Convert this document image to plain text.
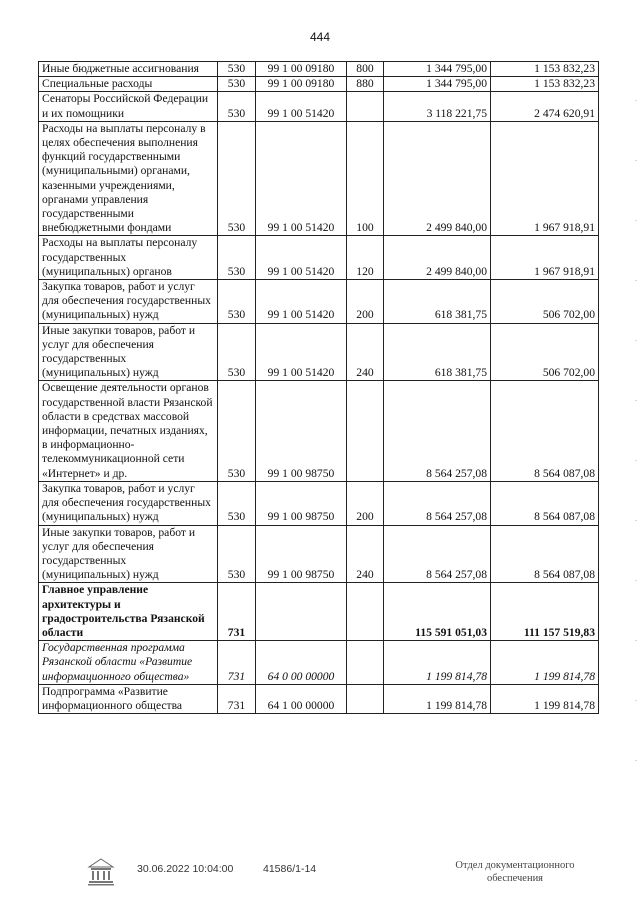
444
Иные бюджетные ассигнования	530	99 1 00 09180	800	1 344 795,00	1 153 832,23
Специальные расходы	530	99 1 00 09180	880	1 344 795,00	1 153 832,23
Сенаторы Российской Федерации и их помощники	530	99 1 00 51420		3 118 221,75	2 474 620,91
Расходы на выплаты персоналу в целях обеспечения выполнения функций государственными (муниципальными) органами, казенными учреждениями, органами управления государственными внебюджетными фондами	530	99 1 00 51420	100	2 499 840,00	1 967 918,91
Расходы на выплаты персоналу государственных (муниципальных) органов	530	99 1 00 51420	120	2 499 840,00	1 967 918,91
Закупка товаров, работ и услуг для обеспечения государственных (муниципальных) нужд	530	99 1 00 51420	200	618 381,75	506 702,00
Иные закупки товаров, работ и услуг для обеспечения государственных (муниципальных) нужд	530	99 1 00 51420	240	618 381,75	506 702,00
Освещение деятельности органов государственной власти Рязанской области в средствах массовой информации, печатных изданиях, в информационно-телекоммуникационной сети «Интернет» и др.	530	99 1 00 98750		8 564 257,08	8 564 087,08
Закупка товаров, работ и услуг для обеспечения государственных (муниципальных) нужд	530	99 1 00 98750	200	8 564 257,08	8 564 087,08
Иные закупки товаров, работ и услуг для обеспечения государственных (муниципальных) нужд	530	99 1 00 98750	240	8 564 257,08	8 564 087,08
Главное управление архитектуры и градостроительства Рязанской области	731			115 591 051,03	111 157 519,83
Государственная программа Рязанской области «Развитие информационного общества»	731	64 0 00 00000		1 199 814,78	1 199 814,78
Подпрограмма «Развитие информационного общества	731	64 1 00 00000		1 199 814,78	1 199 814,78
30.06.2022 10:04:00	41586/1-14	Отдел документационного
обеспечения
